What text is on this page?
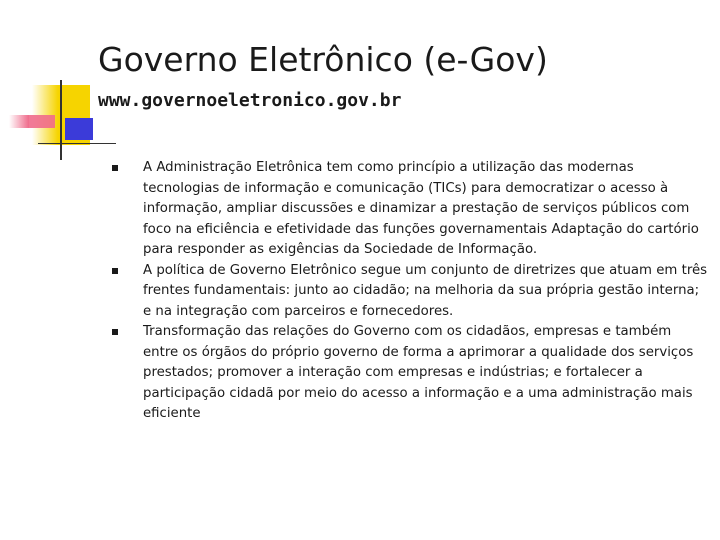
Governo Eletrônico (e-Gov)
www.governoeletronico.gov.br
A Administração Eletrônica tem como princípio a utilização das modernas tecnologias de informação e comunicação (TICs) para democratizar o acesso à informação, ampliar discussões e dinamizar a prestação de serviços públicos com foco na eficiência e efetividade das funções governamentais Adaptação do cartório para responder as exigências da Sociedade de Informação.
A política de Governo Eletrônico segue um conjunto de diretrizes que atuam em três frentes fundamentais: junto ao cidadão; na melhoria da sua própria gestão interna; e na integração com parceiros e fornecedores.
Transformação das relações do Governo com os cidadãos, empresas e também entre os órgãos do próprio governo de forma a aprimorar a qualidade dos serviços prestados; promover a interação com empresas e indústrias; e fortalecer a participação cidadã por meio do acesso a informação e a uma administração mais eficiente
